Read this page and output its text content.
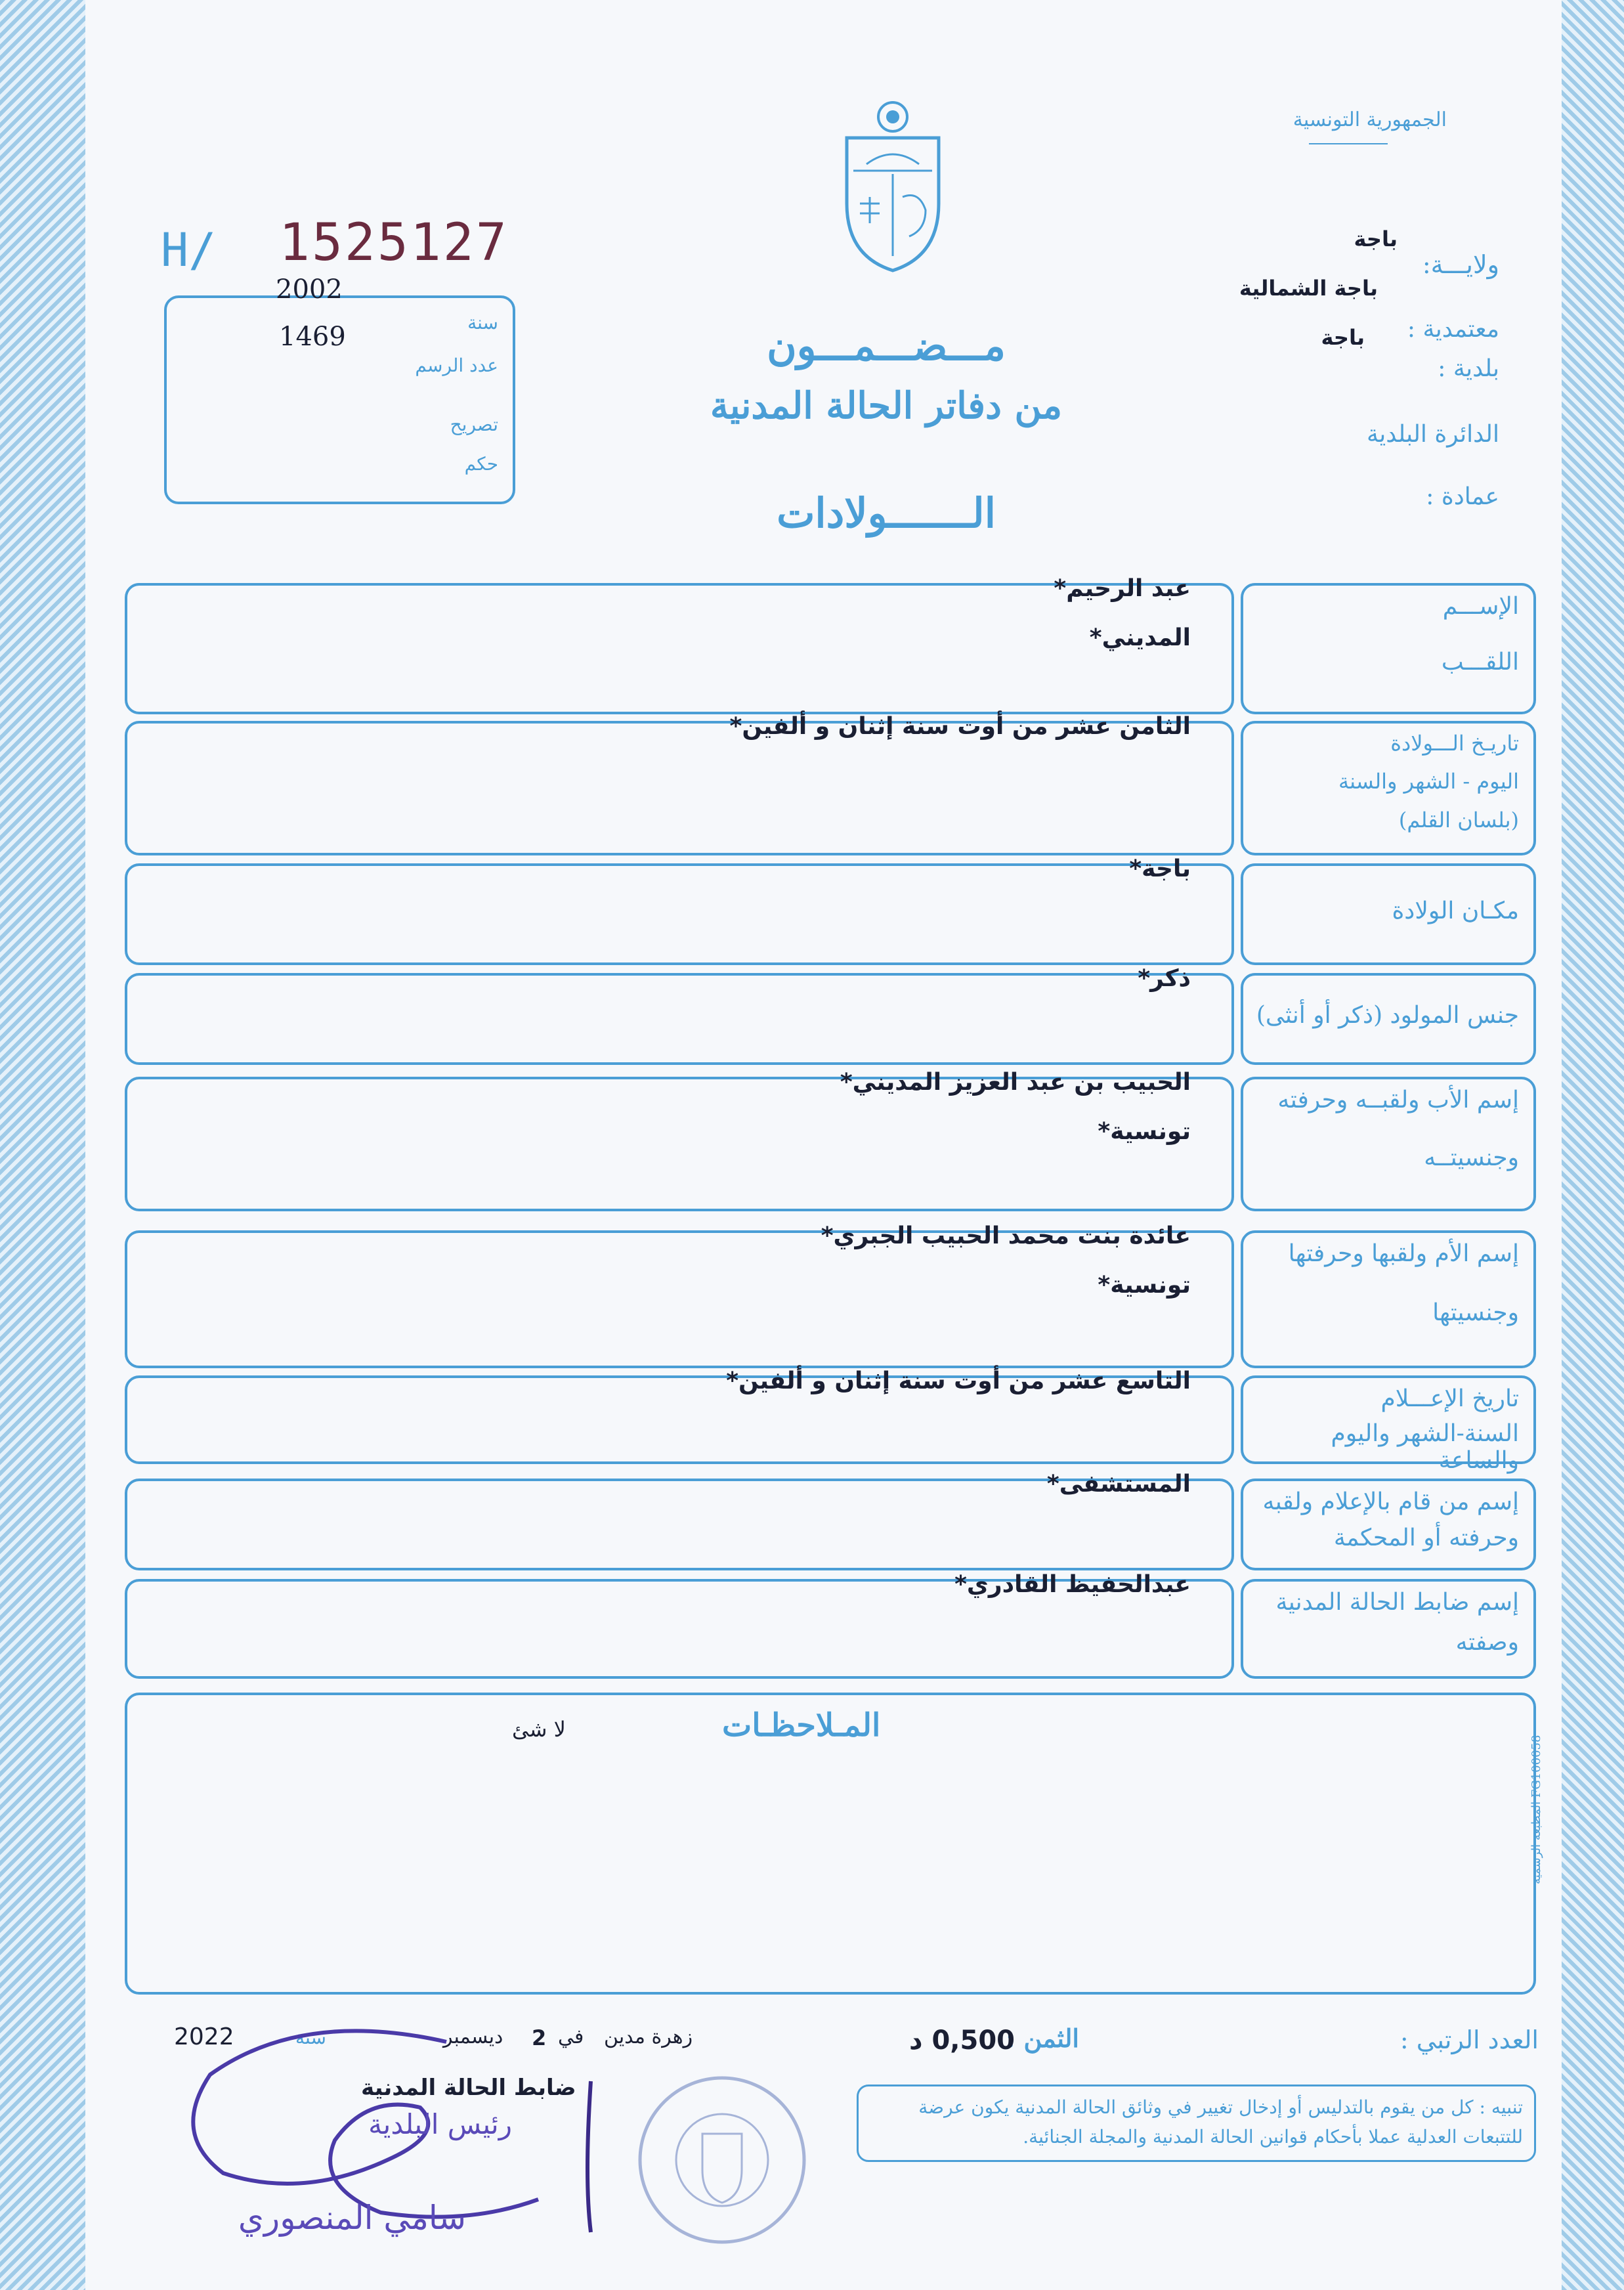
الجمهورية التونسية
ولايـــة:
باجة
معتمدية :
باجة الشمالية
بلدية :
باجة
الدائرة البلدية
عمادة :
H/ 1525127
2002
1469	سنة
عدد الرسم
تصريح
حكم
مـــضـــمـــون
من دفاتر الحالة المدنية
الـــــــولادات
الإســـم
اللقـــب
عبد الرحيم*
المديني*
تاريـخ الـــولادة
اليوم - الشهر والسنة
(بلسان القلم)
الثامن عشر من أوت سنة إثنان و ألفين*
مكـان الولادة
باجة*
جنس المولود (ذكر أو أنثى)
ذكر*
إسم الأب ولقبــه وحرفته
وجنسيتــه
الحبيب بن عبد العزيز المديني*
تونسية*
إسم الأم ولقبها وحرفتها
وجنسيتها
عائدة بنت محمد الحبيب الجبري*
تونسية*
تاريخ الإعـــلام
السنة-الشهر واليوم والساعة
التاسع عشر من أوت سنة إثنان و ألفين*
إسم من قام بالإعلام ولقبه
وحرفته أو المحكمة
المستشفى*
إسم ضابط الحالة المدنية
وصفته
عبدالحفيظ القادري*
المـلاحظـات
لا شئ
العدد الرتبي :
الثمن :
0,500 د
زهرة مدين
2 في
ديسمبر
سنة
2022
ضابط الحالة المدنية
رئيس البلدية
سامي المنصوري
تنبيه : كل من يقوم بالتدليس أو إدخال تغيير في وثائق الحالة المدنية يكون عرضة للتتبعات العدلية عملا بأحكام قوانين الحالة المدنية والمجلة الجنائية.
المطبعة الرسمية FG100058
